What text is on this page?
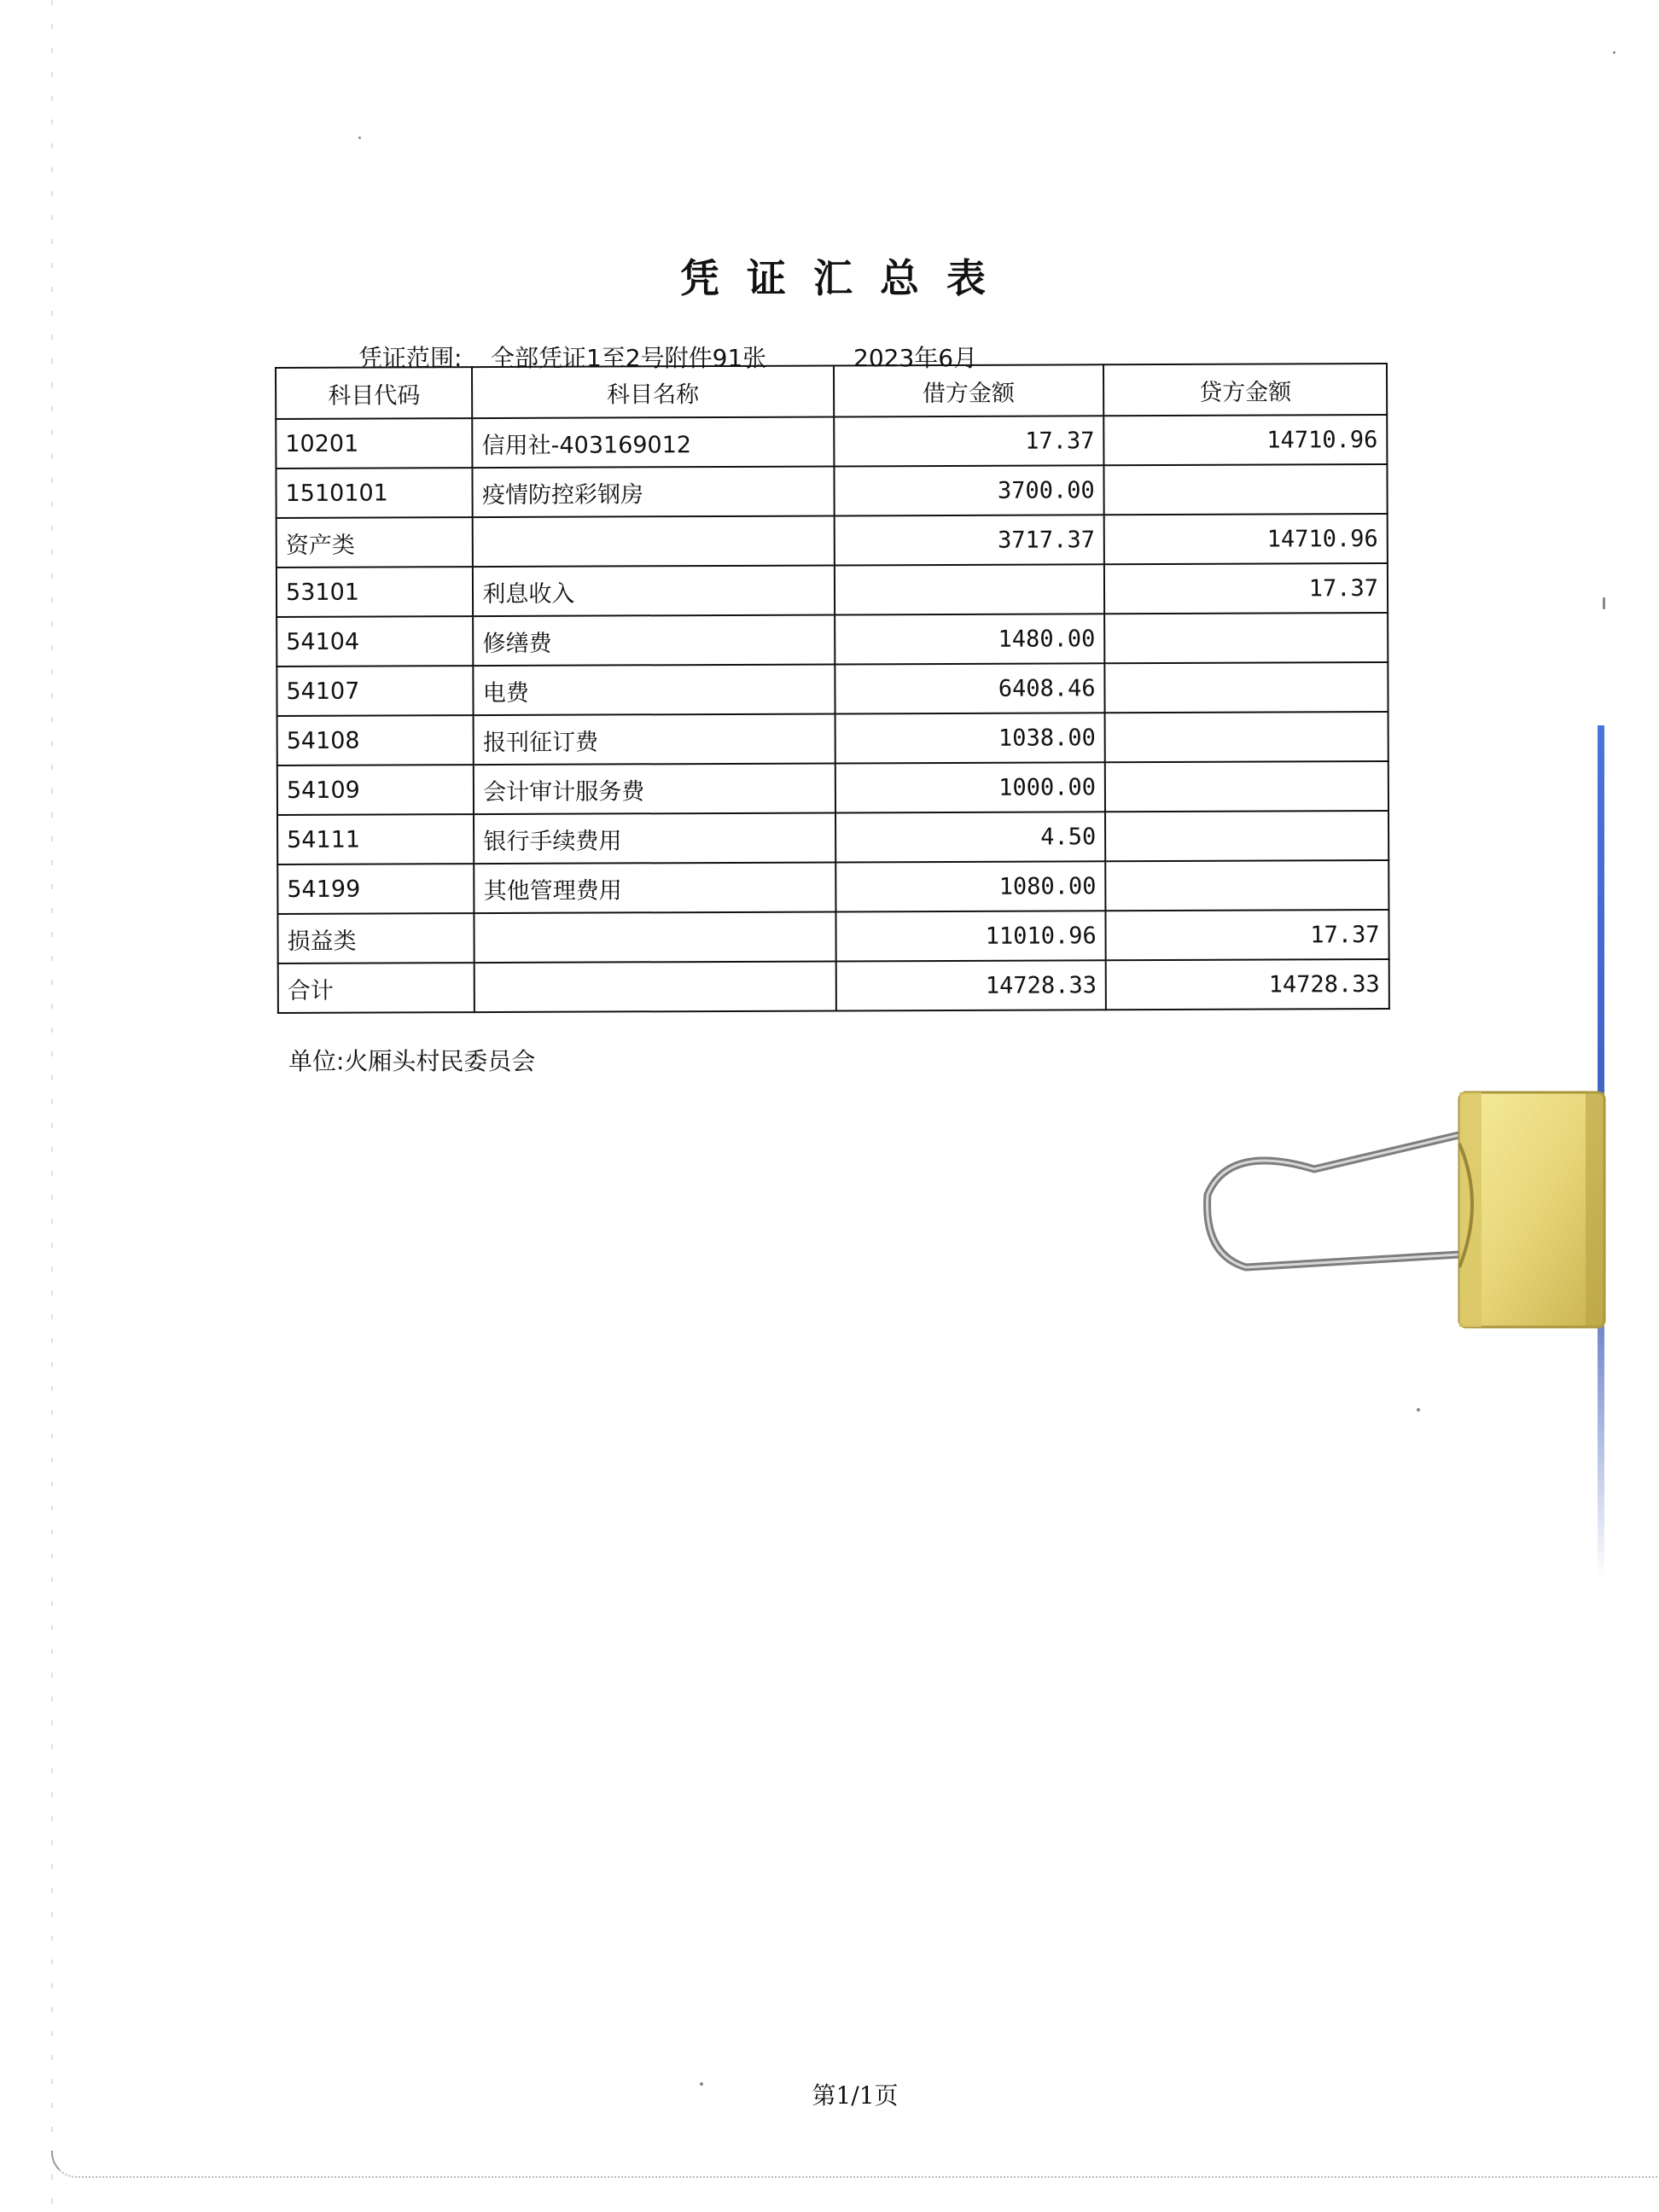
凭证汇总表
凭证范围: 全部凭证1至2号附件91张	2023年6月
科目代码	科目名称	借方金额	贷方金额
10201	信用社-403169012	17.37	14710.96
1510101	疫情防控彩钢房	3700.00	
资产类		3717.37	14710.96
53101	利息收入		17.37
54104	修缮费	1480.00	
54107	电费	6408.46	
54108	报刊征订费	1038.00	
54109	会计审计服务费	1000.00	
54111	银行手续费用	4.50	
54199	其他管理费用	1080.00	
损益类		11010.96	17.37
合计		14728.33	14728.33
单位:火厢头村民委员会
第1/1页
